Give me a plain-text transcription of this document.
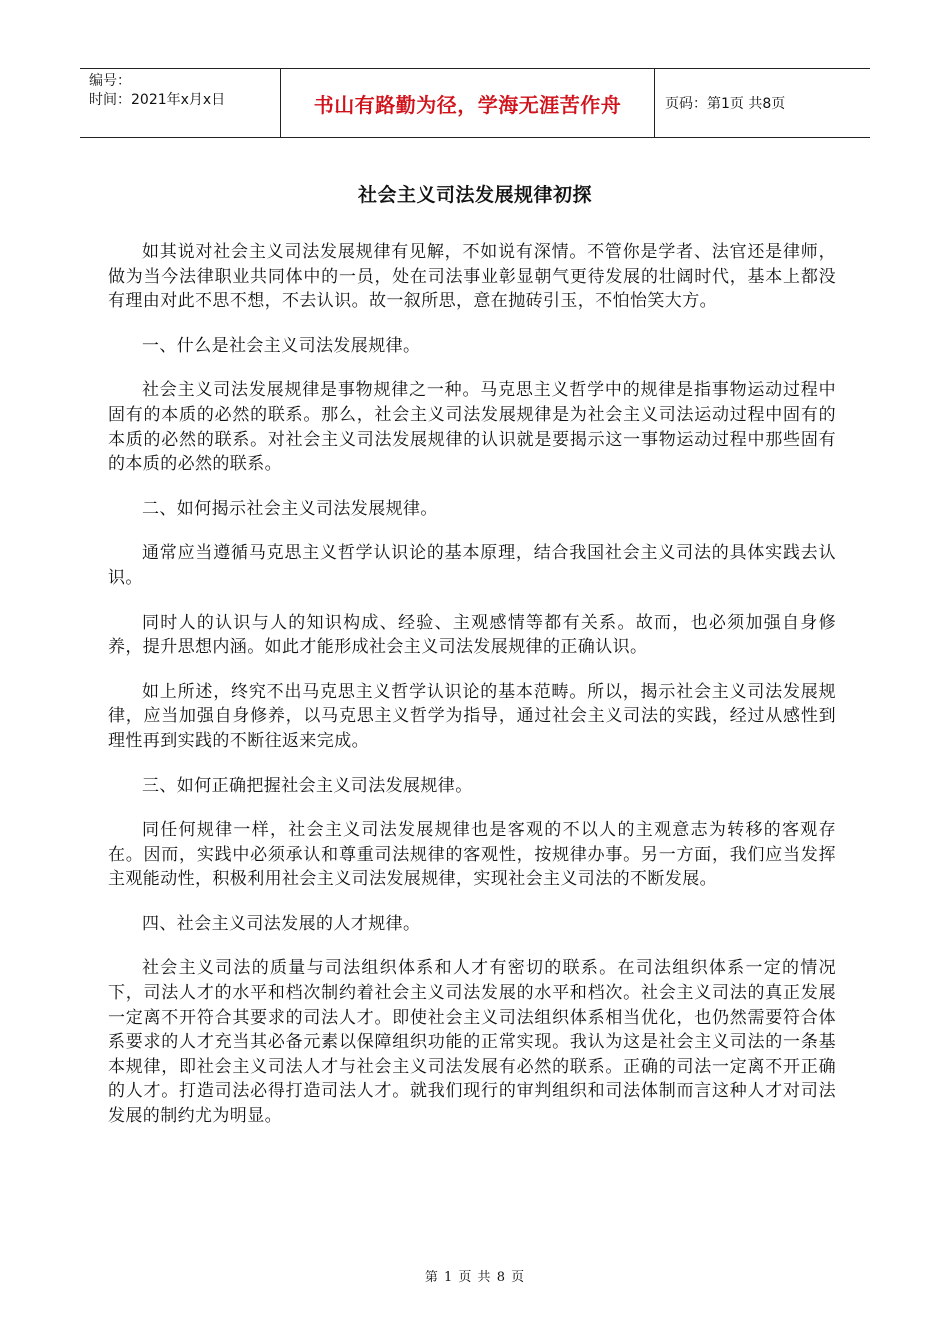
编号：
时间：2021年x月x日	书山有路勤为径，学海无涯苦作舟	页码：第1页 共8页
社会主义司法发展规律初探

如其说对社会主义司法发展规律有见解，不如说有深情。不管你是学者、法官还是律师，做为当今法律职业共同体中的一员，处在司法事业彰显朝气更待发展的壮阔时代，基本上都没有理由对此不思不想，不去认识。故一叙所思，意在抛砖引玉，不怕怡笑大方。

一、什么是社会主义司法发展规律。

社会主义司法发展规律是事物规律之一种。马克思主义哲学中的规律是指事物运动过程中固有的本质的必然的联系。那么，社会主义司法发展规律是为社会主义司法运动过程中固有的本质的必然的联系。对社会主义司法发展规律的认识就是要揭示这一事物运动过程中那些固有的本质的必然的联系。

二、如何揭示社会主义司法发展规律。

通常应当遵循马克思主义哲学认识论的基本原理，结合我国社会主义司法的具体实践去认识。

同时人的认识与人的知识构成、经验、主观感情等都有关系。故而，也必须加强自身修养，提升思想内涵。如此才能形成社会主义司法发展规律的正确认识。

如上所述，终究不出马克思主义哲学认识论的基本范畴。所以，揭示社会主义司法发展规律，应当加强自身修养，以马克思主义哲学为指导，通过社会主义司法的实践，经过从感性到理性再到实践的不断往返来完成。

三、如何正确把握社会主义司法发展规律。

同任何规律一样，社会主义司法发展规律也是客观的不以人的主观意志为转移的客观存在。因而，实践中必须承认和尊重司法规律的客观性，按规律办事。另一方面，我们应当发挥主观能动性，积极利用社会主义司法发展规律，实现社会主义司法的不断发展。

四、社会主义司法发展的人才规律。

社会主义司法的质量与司法组织体系和人才有密切的联系。在司法组织体系一定的情况下，司法人才的水平和档次制约着社会主义司法发展的水平和档次。社会主义司法的真正发展一定离不开符合其要求的司法人才。即使社会主义司法组织体系相当优化，也仍然需要符合体系要求的人才充当其必备元素以保障组织功能的正常实现。我认为这是社会主义司法的一条基本规律，即社会主义司法人才与社会主义司法发展有必然的联系。正确的司法一定离不开正确的人才。打造司法必得打造司法人才。就我们现行的审判组织和司法体制而言这种人才对司法发展的制约尤为明显。

第 1 页 共 8 页
